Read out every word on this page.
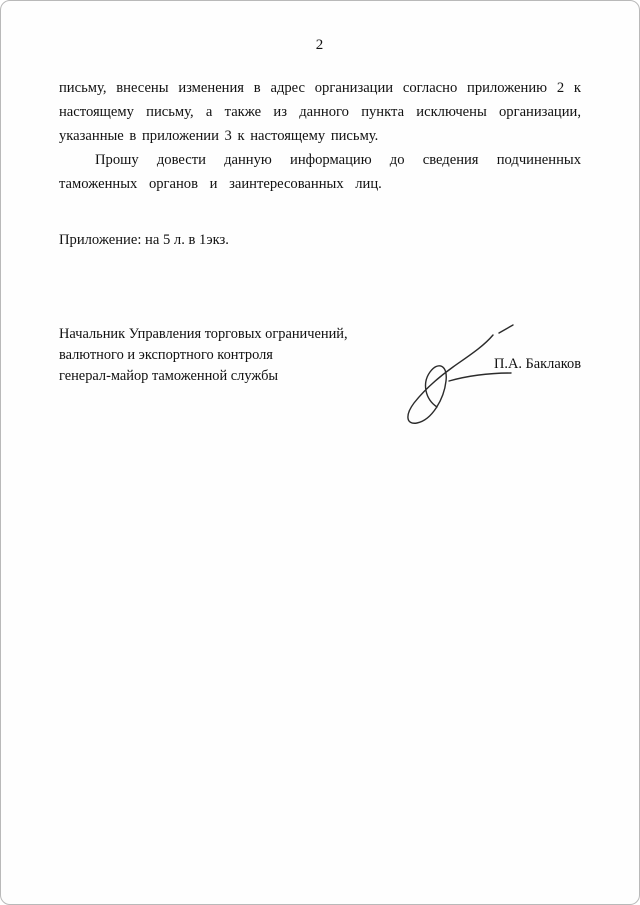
2

письму, внесены изменения в адрес организации согласно приложению 2 к настоящему письму, а также из данного пункта исключены организации, указанные в приложении 3 к настоящему письму.

Прошу довести данную информацию до сведения подчиненных таможенных органов и заинтересованных лиц.

Приложение: на 5 л. в 1экз.

Начальник Управления торговых ограничений,
валютного и экспортного контроля
генерал-майор таможенной службы
П.А. Баклаков
